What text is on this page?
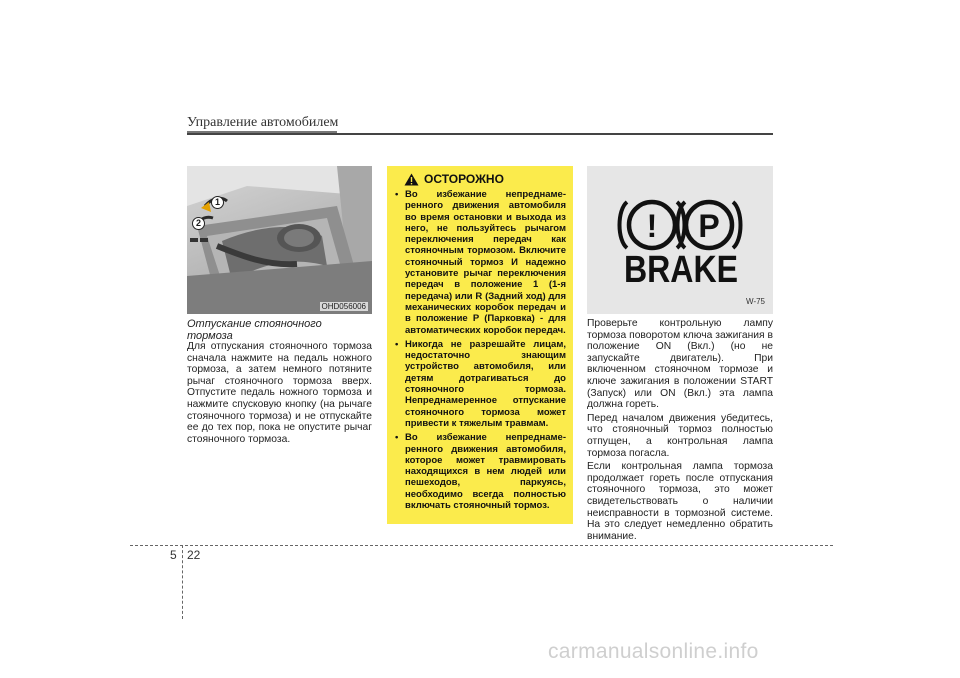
Управление автомобилем
1
2
OHD056006
Отпускание стояночного
тормоза

Для отпускания стояночного тормоза сначала нажмите на педаль ножного тормоза, а затем немного потяните рычаг стояночного тормоза вверх. Отпустите педаль ножного тормоза и нажмите спусковую кнопку (на рычаге стояночного тормоза) и не отпускайте ее до тех пор, пока не опустите рычаг стояночного тормоза.

ОСТОРОЖНО
• Во избежание непреднаме-ренного движения автомобиля во время остановки и выхода из него, не пользуйтесь рычагом переключения передач как стояночным тормозом. Включите стояночный тормоз И надежно установите рычаг переключения передач в положение 1 (1-я передача) или R (Задний ход) для механических коробок передач и в положение P (Парковка) - для автоматических коробок передач.
• Никогда не разрешайте лицам, недостаточно знающим устройство автомобиля, или детям дотрагиваться до стояночного тормоза. Непреднамеренное отпускание стояночного тормоза может привести к тяжелым травмам.
• Во избежание непреднаме-ренного движения автомобиля, которое может травмировать находящихся в нем людей или пешеходов, паркуясь, необходимо всегда полностью включать стояночный тормоз.
! P
BRAKE
W-75

Проверьте контрольную лампу тормоза поворотом ключа зажигания в положение ON (Вкл.) (но не запускайте двигатель). При включенном стояночном тормозе и ключе зажигания в положении START (Запуск) или ON (Вкл.) эта лампа должна гореть.

Перед началом движения убедитесь, что стояночный тормоз полностью отпущен, а контрольная лампа тормоза погасла.

Если контрольная лампа тормоза продолжает гореть после отпускания стояночного тормоза, это может свидетельствовать о наличии неисправности в тормозной системе. На это следует немедленно обратить внимание.

5 22
carmanualsonline.info
